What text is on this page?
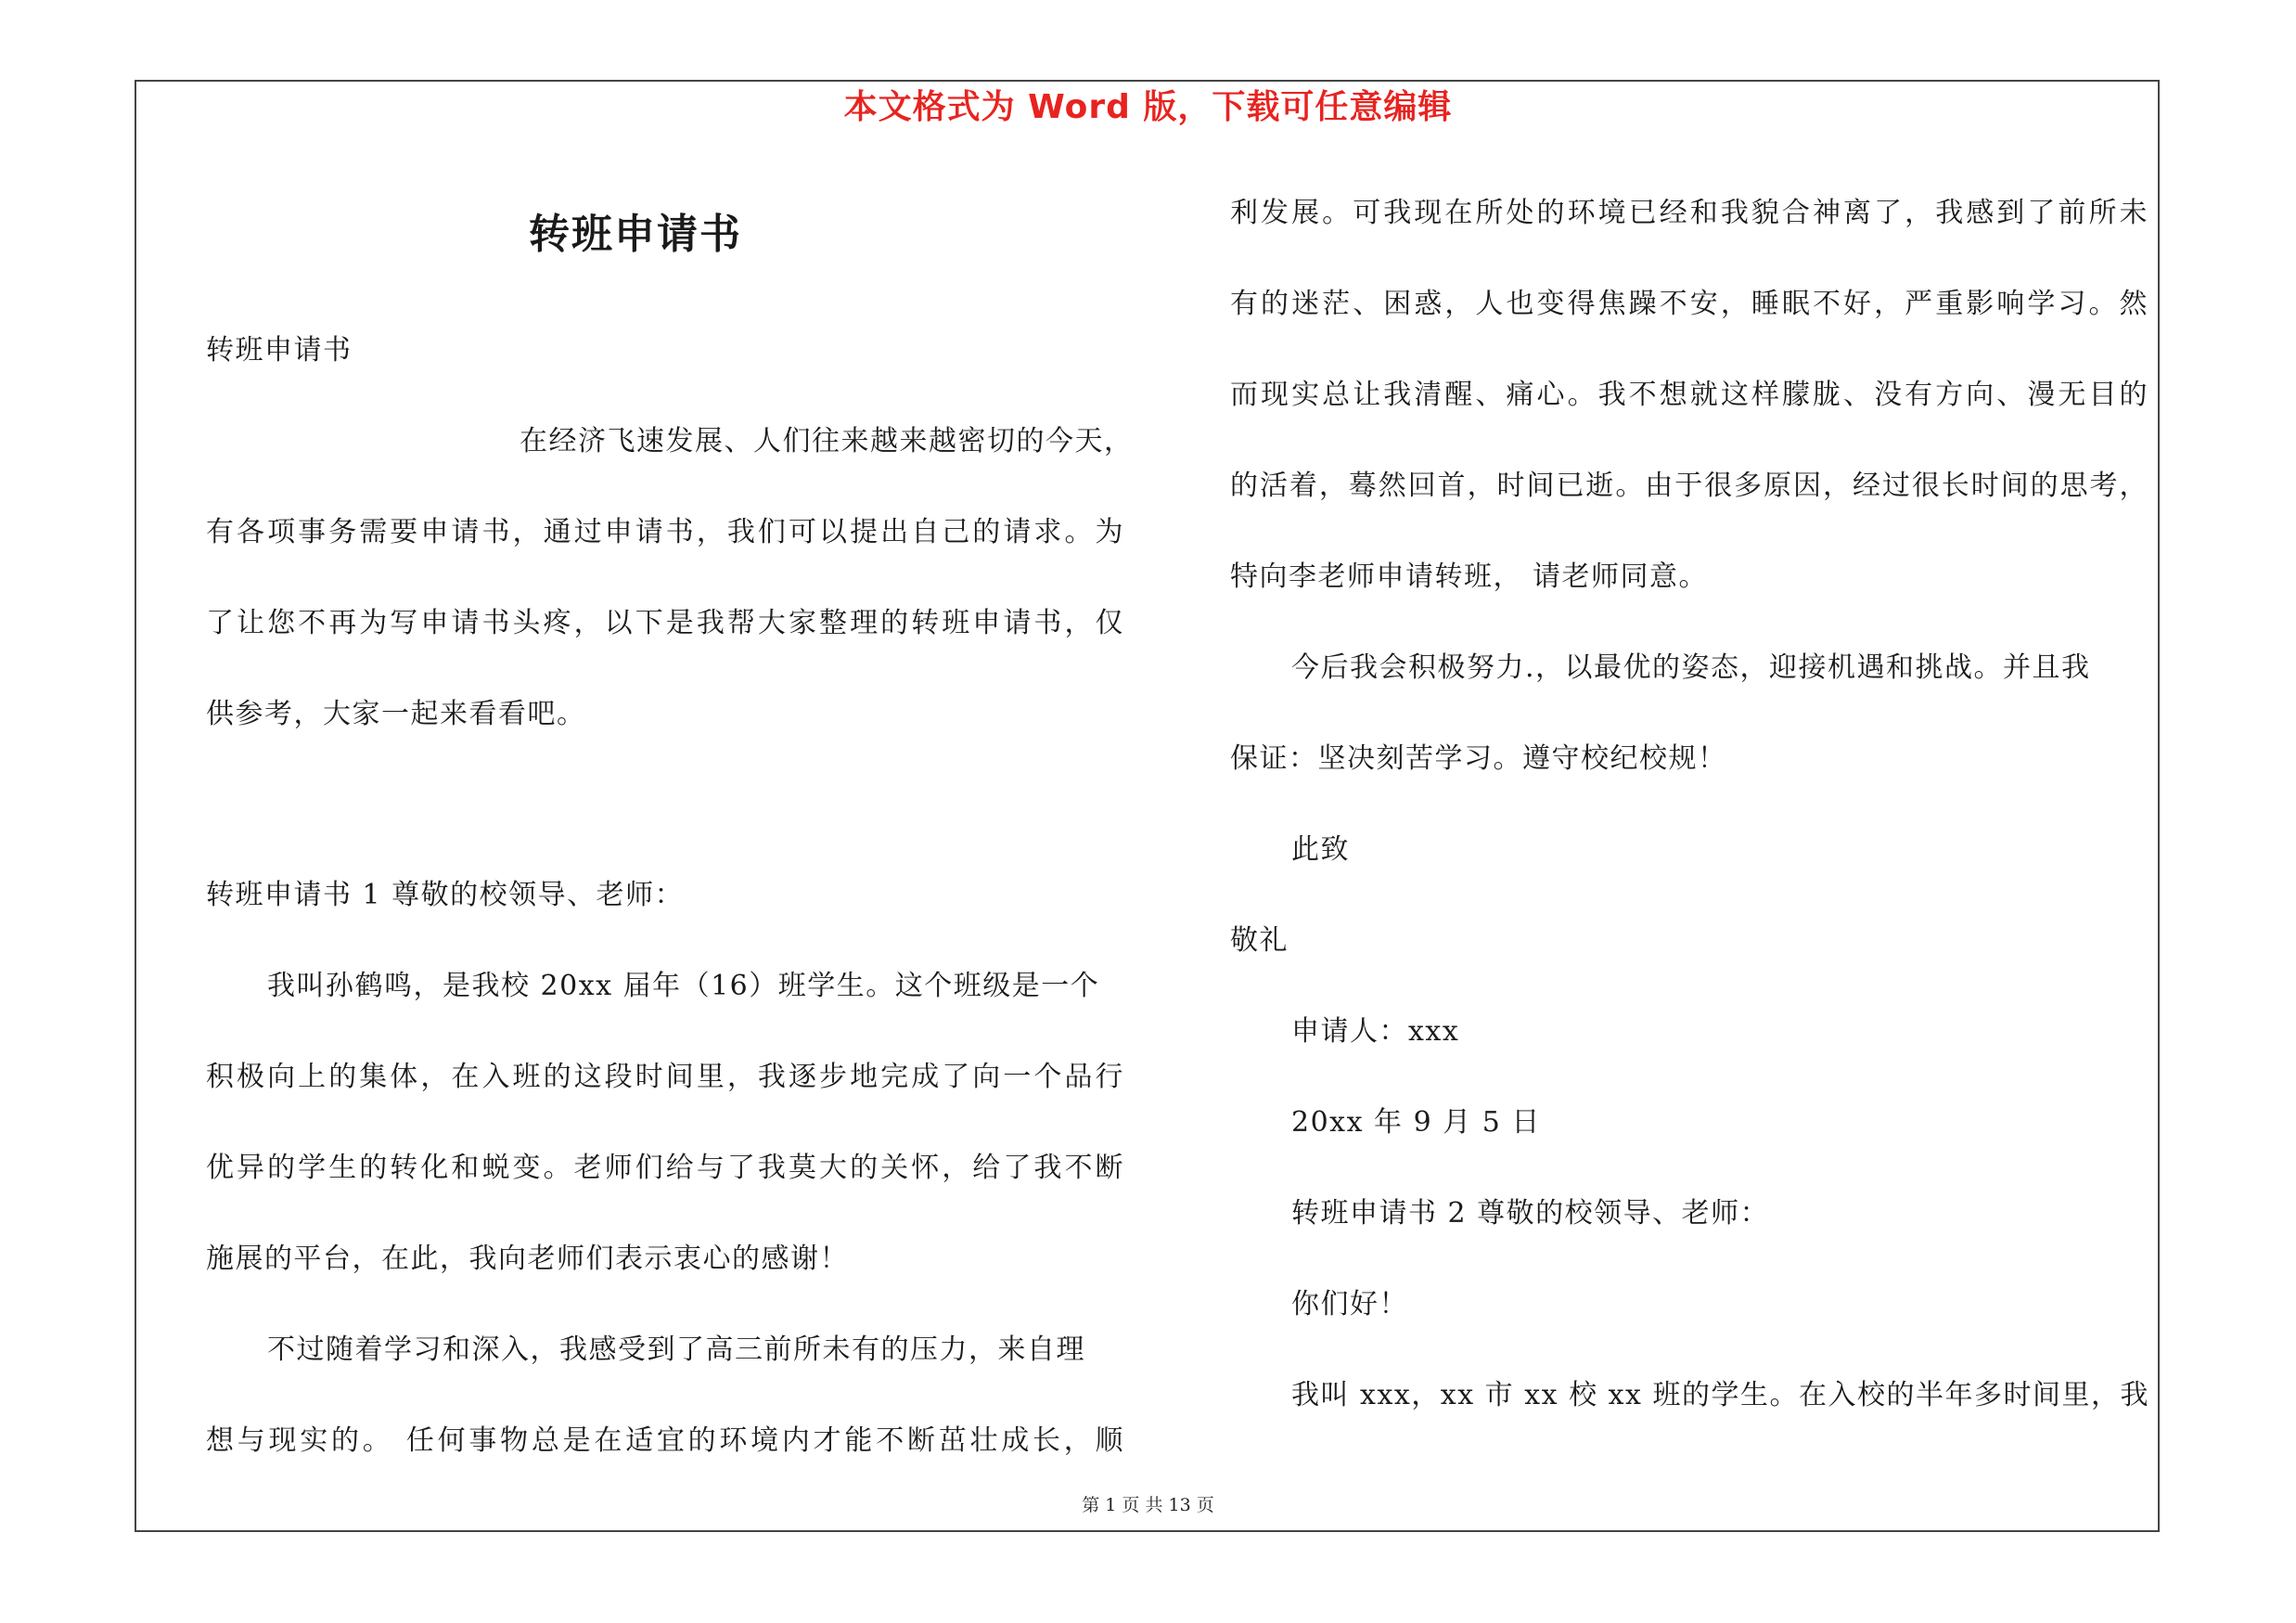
本文格式为 Word 版，下载可任意编辑
转班申请书
转班申请书
在经济飞速发展、人们往来越来越密切的今天，
有各项事务需要申请书，通过申请书，我们可以提出自己的请求。为
了让您不再为写申请书头疼，以下是我帮大家整理的转班申请书，仅
供参考，大家一起来看看吧。
转班申请书 1 尊敬的校领导、老师：
我叫孙鹤鸣，是我校 20xx 届年（16）班学生。这个班级是一个
积极向上的集体，在入班的这段时间里，我逐步地完成了向一个品行
优异的学生的转化和蜕变。老师们给与了我莫大的关怀，给了我不断
施展的平台，在此，我向老师们表示衷心的感谢！
不过随着学习和深入，我感受到了高三前所未有的压力，来自理
想与现实的。 任何事物总是在适宜的环境内才能不断茁壮成长，顺
利发展。可我现在所处的环境已经和我貌合神离了，我感到了前所未
有的迷茫、困惑，人也变得焦躁不安，睡眠不好，严重影响学习。然
而现实总让我清醒、痛心。我不想就这样朦胧、没有方向、漫无目的
的活着，蓦然回首，时间已逝。由于很多原因，经过很长时间的思考，
特向李老师申请转班， 请老师同意。
今后我会积极努力.，以最优的姿态，迎接机遇和挑战。并且我
保证：坚决刻苦学习。遵守校纪校规！
此致
敬礼
申请人：xxx
20xx 年 9 月 5 日
转班申请书 2 尊敬的校领导、老师：
你们好！
我叫 xxx，xx 市 xx 校 xx 班的学生。在入校的半年多时间里，我
第 1 页 共 13 页
